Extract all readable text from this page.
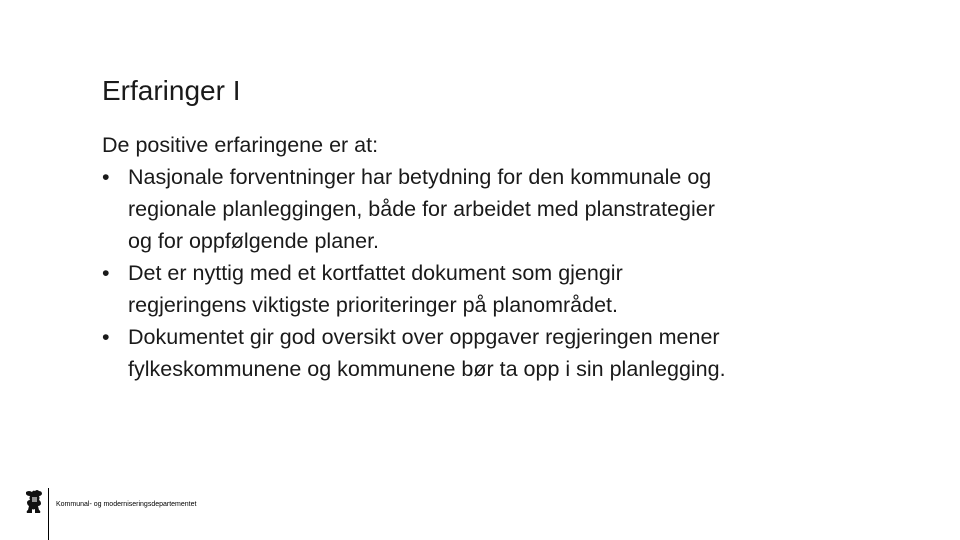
Erfaringer I

De positive erfaringene er at:

• Nasjonale forventninger har betydning for den kommunale og
regionale planleggingen, både for arbeidet med planstrategier
og for oppfølgende planer.
• Det er nyttig med et kortfattet dokument som gjengir
regjeringens viktigste prioriteringer på planområdet.
• Dokumentet gir god oversikt over oppgaver regjeringen mener
fylkeskommunene og kommunene bør ta opp i sin planlegging.
Kommunal- og moderniseringsdepartementet
